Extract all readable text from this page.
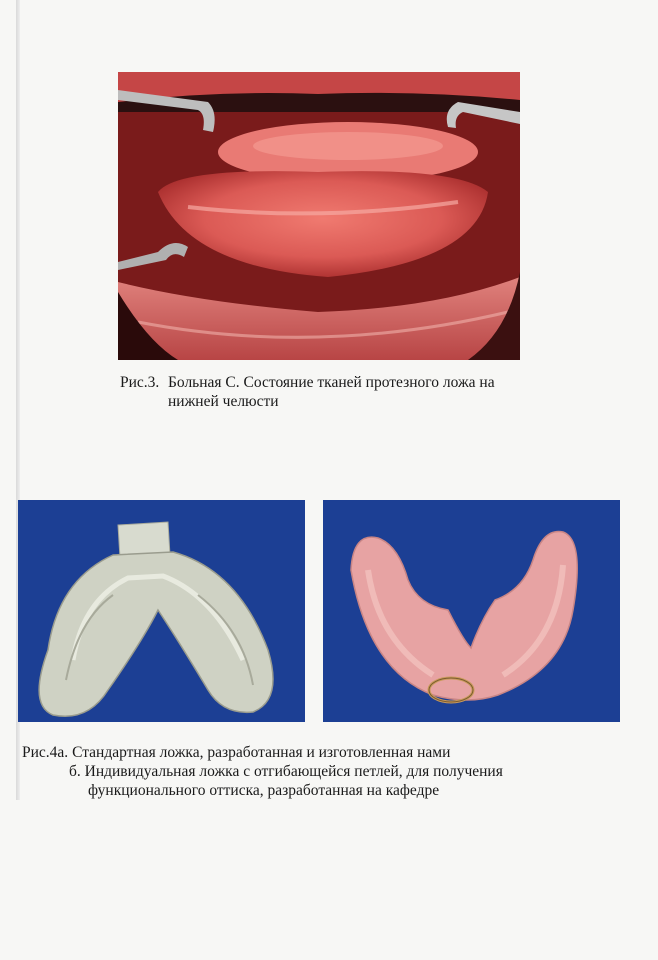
Рис.3. Больная С. Состояние тканей протезного ложа на
нижней челюсти
Рис.4а. Стандартная ложка, разработанная и изготовленная нами
б. Индивидуальная ложка с отгибающейся петлей, для получения
функционального оттиска, разработанная на кафедре
